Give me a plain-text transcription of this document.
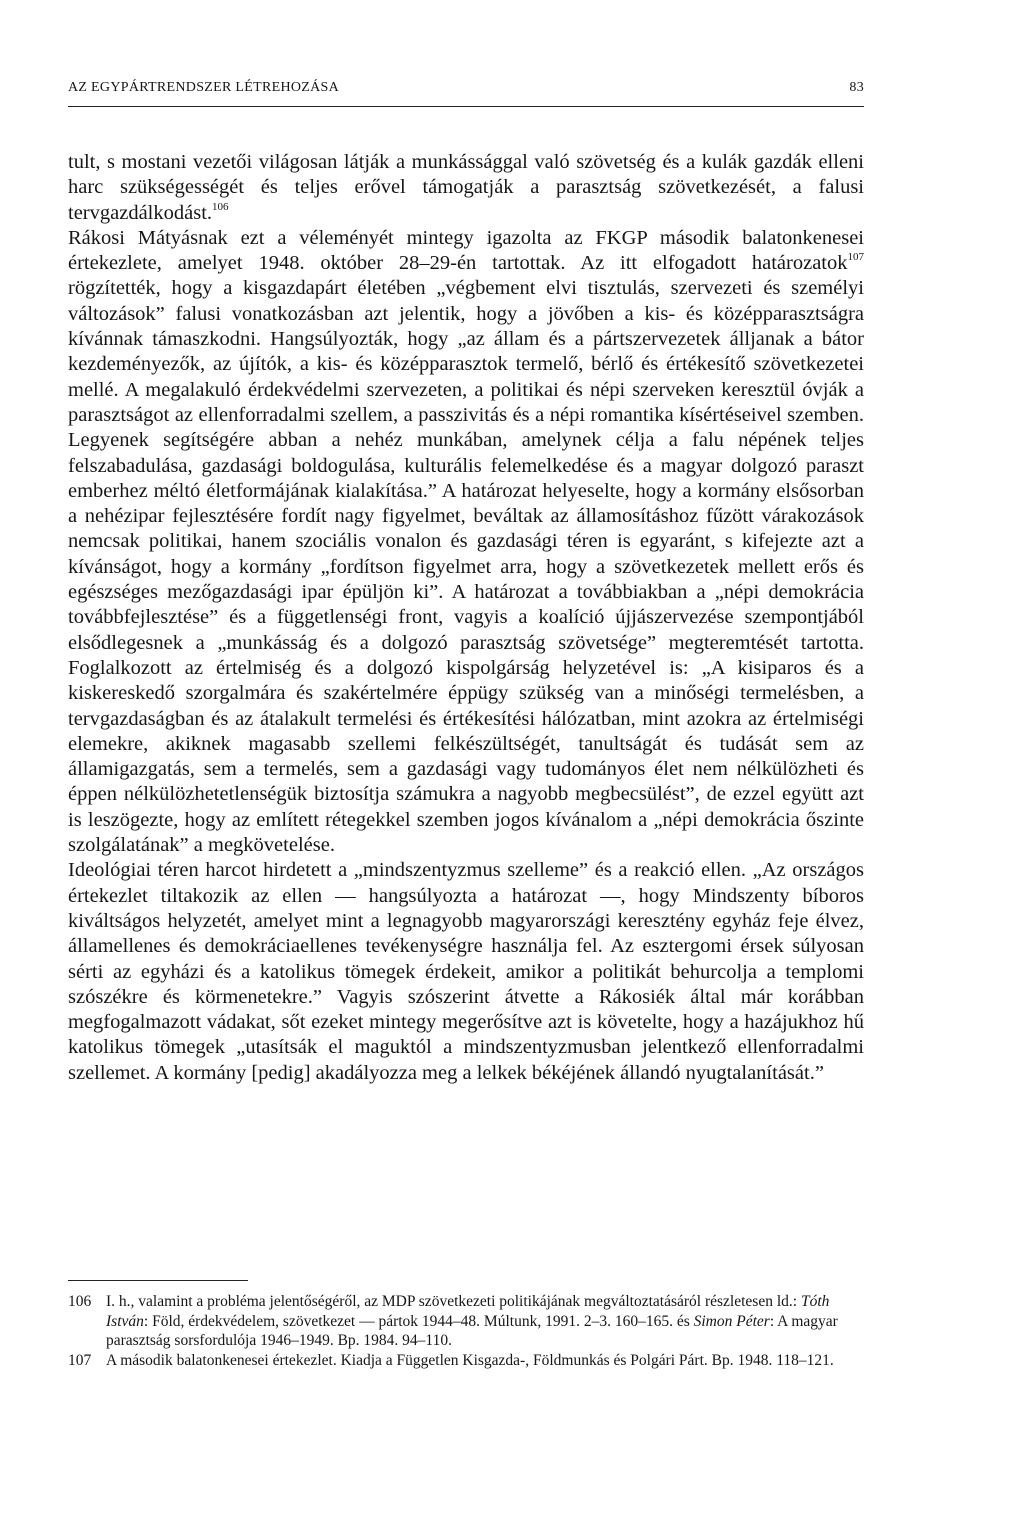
AZ EGYPÁRTRENDSZER LÉTREHOZÁSA	83

tult, s mostani vezetői világosan látják a munkássággal való szövetség és a kulák gazdák elleni harc szükségességét és teljes erővel támogatják a parasztság szövetkezését, a falusi tervgazdálkodást.$^{106}$

Rákosi Mátyásnak ezt a véleményét mintegy igazolta az FKGP második balatonkenesei értekezlete, amelyet 1948. október 28–29-én tartottak. Az itt elfogadott határozatok$^{107}$ rögzítették, hogy a kisgazdapárt életében „végbement elvi tisztulás, szervezeti és személyi változások” falusi vonatkozásban azt jelentik, hogy a jövőben a kis- és középparasztságra kívánnak támaszkodni. Hangsúlyozták, hogy „az állam és a pártszervezetek álljanak a bátor kezdeményezők, az újítók, a kis- és középparasztok termelő, bérlő és értékesítő szövetkezetei mellé. A megalakuló érdekvédelmi szervezeten, a politikai és népi szerveken keresztül óvják a parasztságot az ellenforradalmi szellem, a passzivitás és a népi romantika kísértéseivel szemben. Legyenek segítségére abban a nehéz munkában, amelynek célja a falu népének teljes felszabadulása, gazdasági boldogulása, kulturális felemelkedése és a magyar dolgozó paraszt emberhez méltó életformájának kialakítása.” A határozat helyeselte, hogy a kormány elsősorban a nehézipar fejlesztésére fordít nagy figyelmet, beváltak az államosításhoz fűzött várakozások nemcsak politikai, hanem szociális vonalon és gazdasági téren is egyaránt, s kifejezte azt a kívánságot, hogy a kormány „fordítson figyelmet arra, hogy a szövetkezetek mellett erős és egészséges mezőgazdasági ipar épüljön ki”. A határozat a továbbiakban a „népi demokrácia továbbfejlesztése” és a függetlenségi front, vagyis a koalíció újjászervezése szempontjából elsődlegesnek a „munkásság és a dolgozó parasztság szövetsége” megteremtését tartotta. Foglalkozott az értelmiség és a dolgozó kispolgárság helyzetével is: „A kisiparos és a kiskereskedő szorgalmára és szakértelmére éppügy szükség van a minőségi termelésben, a tervgazdaságban és az átalakult termelési és értékesítési hálózatban, mint azokra az értelmiségi elemekre, akiknek magasabb szellemi felkészültségét, tanultságát és tudását sem az államigazgatás, sem a termelés, sem a gazdasági vagy tudományos élet nem nélkülözheti és éppen nélkülözhetetlenségük biztosítja számukra a nagyobb megbecsülést”, de ezzel együtt azt is leszögezte, hogy az említett rétegekkel szemben jogos kívánalom a „népi demokrácia őszinte szolgálatának” a megkövetelése.

Ideológiai téren harcot hirdetett a „mindszentyzmus szelleme” és a reakció ellen. „Az országos értekezlet tiltakozik az ellen — hangsúlyozta a határozat —, hogy Mindszenty bíboros kiváltságos helyzetét, amelyet mint a legnagyobb magyarországi keresztény egyház feje élvez, államellenes és demokráciaellenes tevékenységre használja fel. Az esztergomi érsek súlyosan sérti az egyházi és a katolikus tömegek érdekeit, amikor a politikát behurcolja a templomi szószékre és körmenetekre.” Vagyis szószerint átvette a Rákosiék által már korábban megfogalmazott vádakat, sőt ezeket mintegy megerősítve azt is követelte, hogy a hazájukhoz hű katolikus tömegek „utasítsák el maguktól a mindszentyzmusban jelentkező ellenforradalmi szellemet. A kormány [pedig] akadályozza meg a lelkek békéjének állandó nyugtalanítását.”

106 I. h., valamint a probléma jelentőségéről, az MDP szövetkezeti politikájának megváltoztatásáról részletesen ld.: Tóth István: Föld, érdekvédelem, szövetkezet — pártok 1944–48. Múltunk, 1991. 2–3. 160–165. és Simon Péter: A magyar parasztság sorsfordulója 1946–1949. Bp. 1984. 94–110.

107 A második balatonkenesei értekezlet. Kiadja a Független Kisgazda-, Földmunkás és Polgári Párt. Bp. 1948. 118–121.
